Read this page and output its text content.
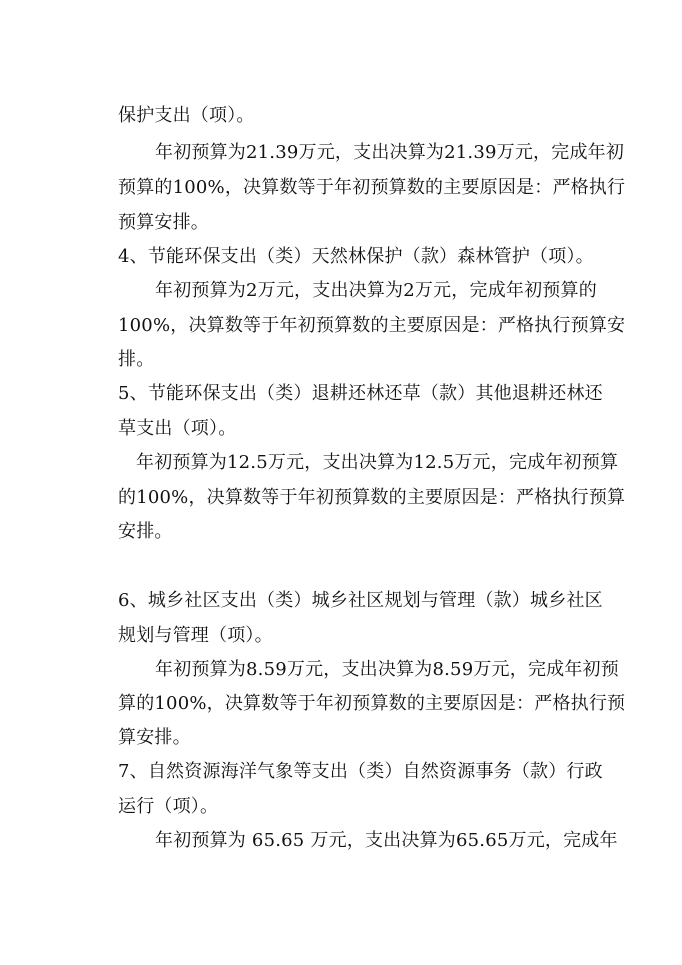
保护支出（项）。
年初预算为21.39万元，支出决算为21.39万元，完成年初
预算的100%，决算数等于年初预算数的主要原因是：严格执行
预算安排。
4、节能环保支出（类）天然林保护（款）森林管护（项）。
年初预算为2万元，支出决算为2万元，完成年初预算的
100%，决算数等于年初预算数的主要原因是：严格执行预算安
排。
5、节能环保支出（类）退耕还林还草（款）其他退耕还林还
草支出（项）。
年初预算为12.5万元，支出决算为12.5万元，完成年初预算
的100%，决算数等于年初预算数的主要原因是：严格执行预算
安排。
6、城乡社区支出（类）城乡社区规划与管理（款）城乡社区
规划与管理（项）。
年初预算为8.59万元，支出决算为8.59万元，完成年初预
算的100%，决算数等于年初预算数的主要原因是：严格执行预
算安排。
7、自然资源海洋气象等支出（类）自然资源事务（款）行政
运行（项）。
年初预算为 65.65 万元，支出决算为65.65万元，完成年
